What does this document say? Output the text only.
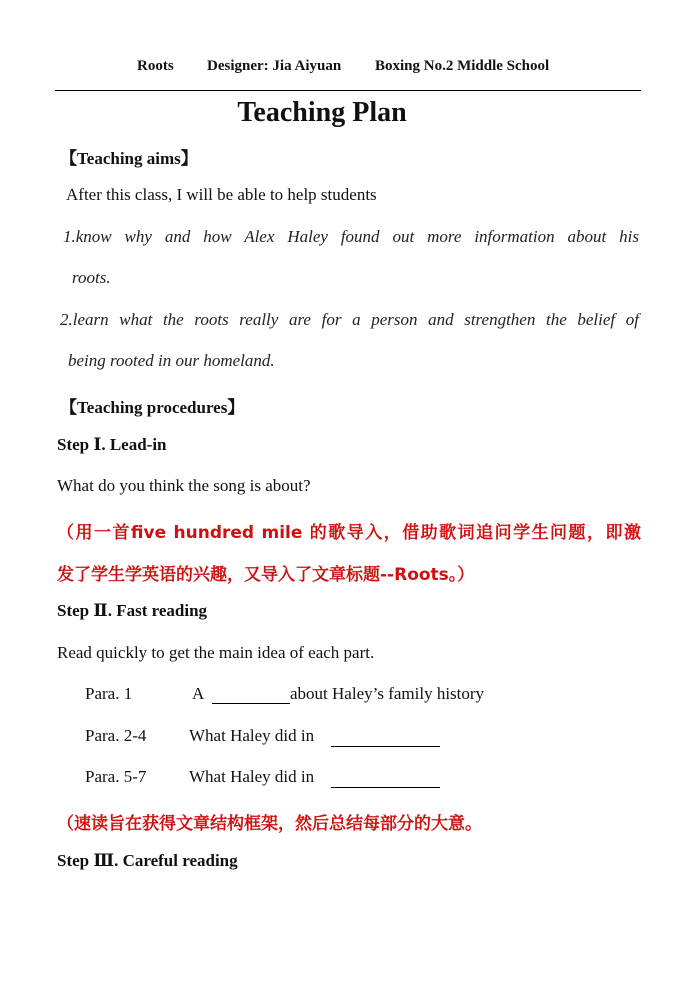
Roots Designer: Jia Aiyuan Boxing No.2 Middle School
Teaching Plan
【Teaching aims】
After this class, I will be able to help students
1.know why and how Alex Haley found out more information about his
roots.
2.learn what the roots really are for a person and strengthen the belief of
being rooted in our homeland.
【Teaching procedures】
Step Ⅰ. Lead-in
What do you think the song is about?
（用一首five hundred mile 的歌导入，借助歌词追问学生问题，即激
发了学生学英语的兴趣，又导入了文章标题--Roots。）
Step Ⅱ. Fast reading
Read quickly to get the main idea of each part.
Para. 1	A	about Haley’s family history
Para. 2-4	What Haley did in
Para. 5-7	What Haley did in
（速读旨在获得文章结构框架，然后总结每部分的大意。
Step Ⅲ. Careful reading
